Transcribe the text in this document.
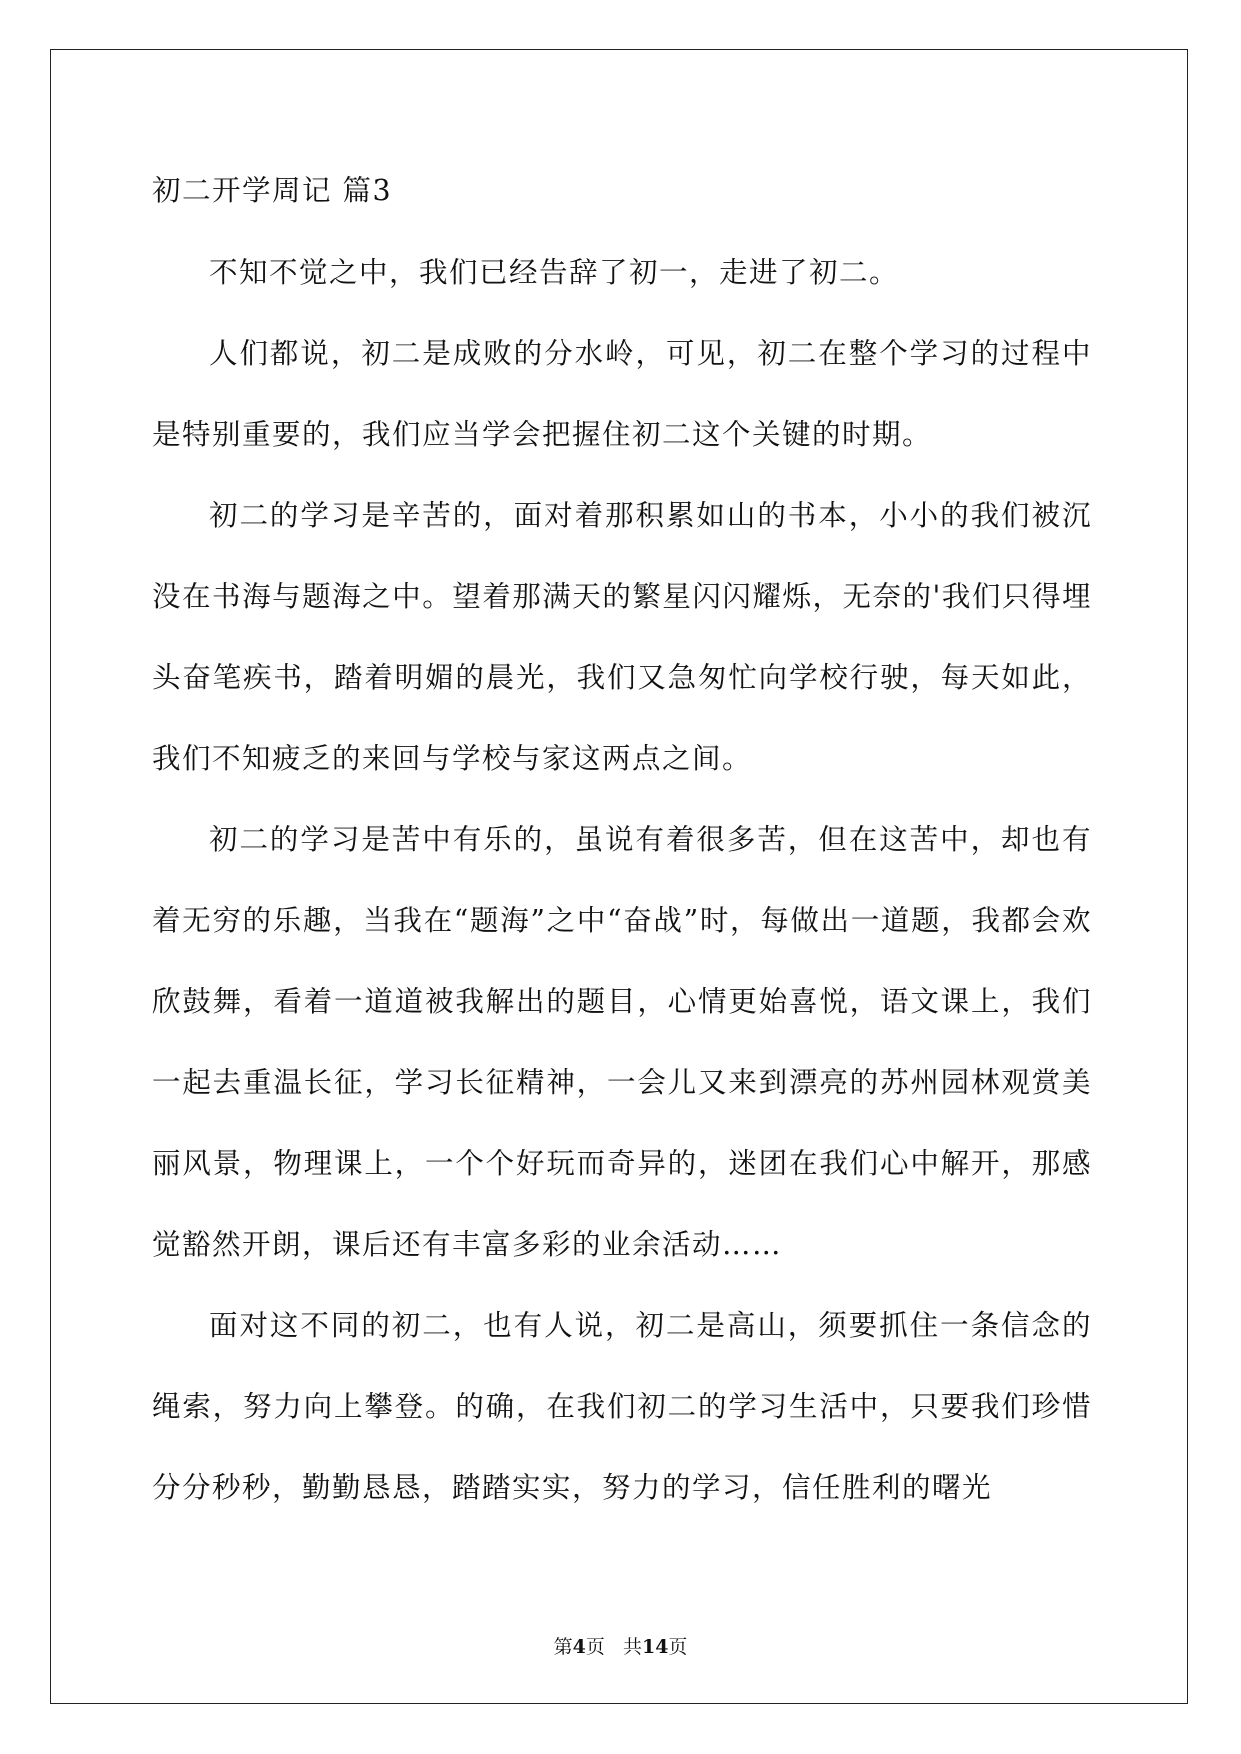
初二开学周记 篇3

不知不觉之中，我们已经告辞了初一，走进了初二。

人们都说，初二是成败的分水岭，可见，初二在整个学习的过程中是特别重要的，我们应当学会把握住初二这个关键的时期。

初二的学习是辛苦的，面对着那积累如山的书本，小小的我们被沉没在书海与题海之中。望着那满天的繁星闪闪耀烁，无奈的'我们只得埋头奋笔疾书，踏着明媚的晨光，我们又急匆忙向学校行驶，每天如此，我们不知疲乏的来回与学校与家这两点之间。

初二的学习是苦中有乐的，虽说有着很多苦，但在这苦中，却也有着无穷的乐趣，当我在“题海”之中“奋战”时，每做出一道题，我都会欢欣鼓舞，看着一道道被我解出的题目，心情更始喜悦，语文课上，我们一起去重温长征，学习长征精神，一会儿又来到漂亮的苏州园林观赏美丽风景，物理课上，一个个好玩而奇异的，迷团在我们心中解开，那感觉豁然开朗，课后还有丰富多彩的业余活动……

面对这不同的初二，也有人说，初二是高山，须要抓住一条信念的绳索，努力向上攀登。的确，在我们初二的学习生活中，只要我们珍惜分分秒秒，勤勤恳恳，踏踏实实，努力的学习，信任胜利的曙光

第4页 共14页
